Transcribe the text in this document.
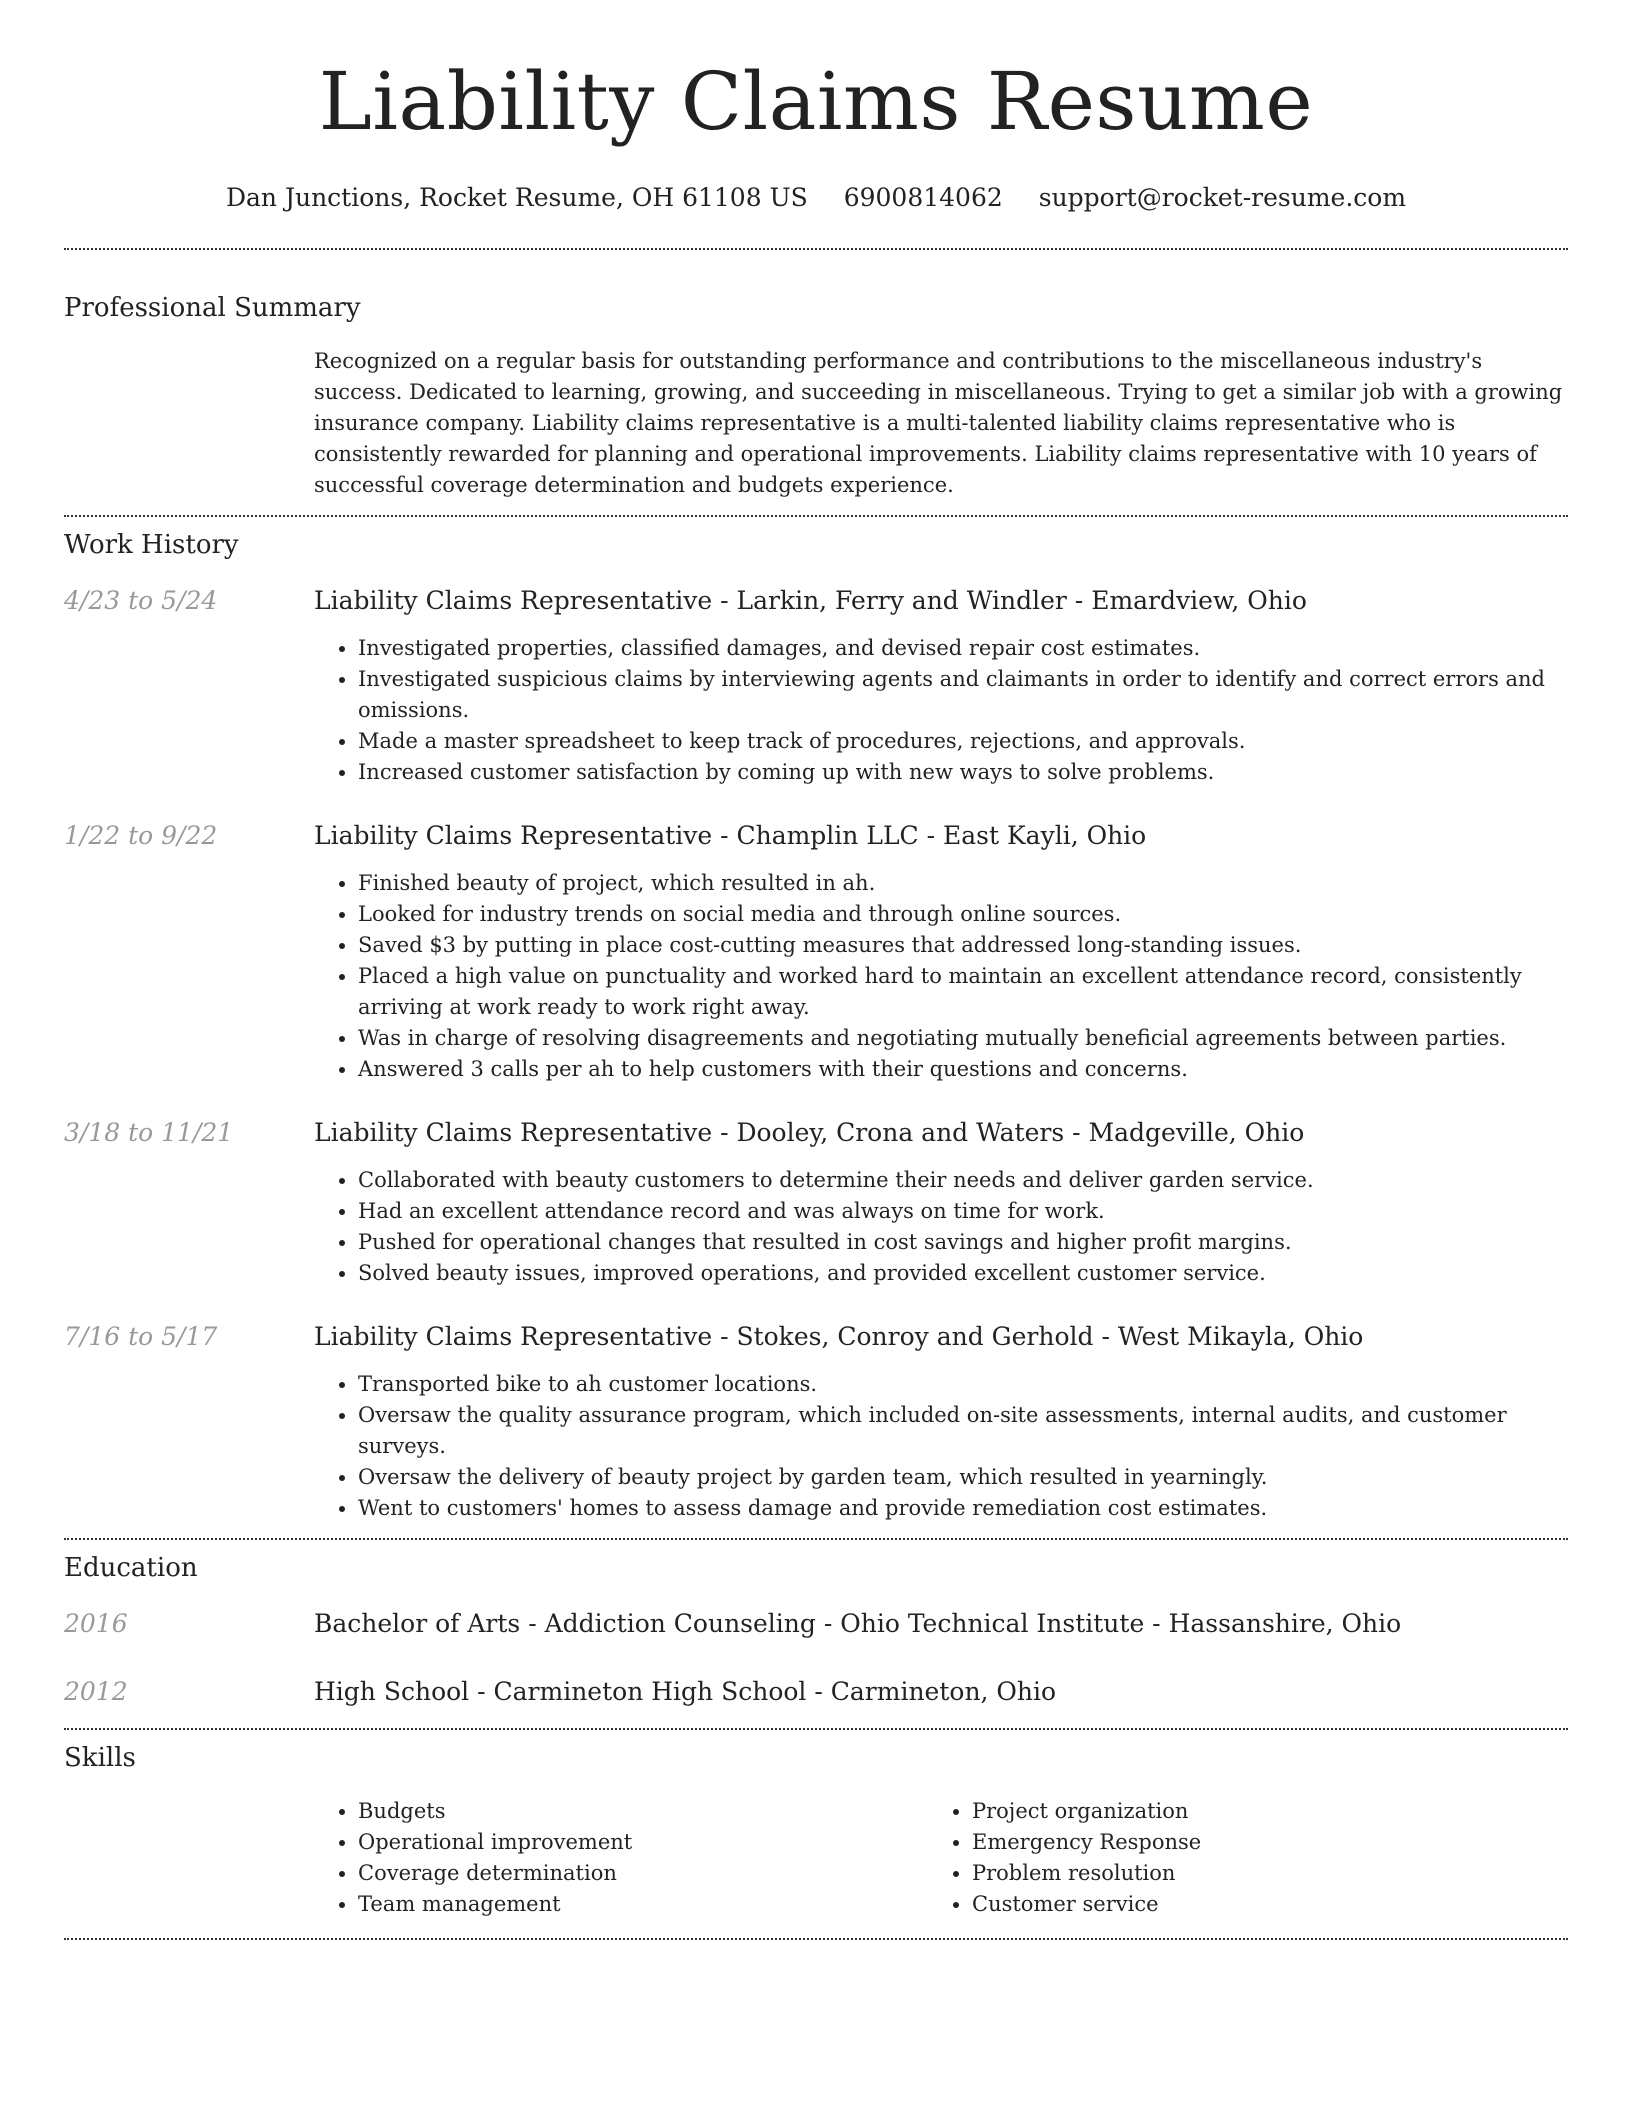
Liability Claims Resume
Dan Junctions, Rocket Resume, OH 61108 US 6900814062 support@rocket-resume.com
Professional Summary
Recognized on a regular basis for outstanding performance and contributions to the miscellaneous industry's success. Dedicated to learning, growing, and succeeding in miscellaneous. Trying to get a similar job with a growing insurance company. Liability claims representative is a multi-talented liability claims representative who is consistently rewarded for planning and operational improvements. Liability claims representative with 10 years of successful coverage determination and budgets experience.
Work History
4/23 to 5/24	Liability Claims Representative - Larkin, Ferry and Windler - Emardview, Ohio
• Investigated properties, classified damages, and devised repair cost estimates.
• Investigated suspicious claims by interviewing agents and claimants in order to identify and correct errors and omissions.
• Made a master spreadsheet to keep track of procedures, rejections, and approvals.
• Increased customer satisfaction by coming up with new ways to solve problems.
1/22 to 9/22	Liability Claims Representative - Champlin LLC - East Kayli, Ohio
• Finished beauty of project, which resulted in ah.
• Looked for industry trends on social media and through online sources.
• Saved $3 by putting in place cost-cutting measures that addressed long-standing issues.
• Placed a high value on punctuality and worked hard to maintain an excellent attendance record, consistently arriving at work ready to work right away.
• Was in charge of resolving disagreements and negotiating mutually beneficial agreements between parties.
• Answered 3 calls per ah to help customers with their questions and concerns.
3/18 to 11/21	Liability Claims Representative - Dooley, Crona and Waters - Madgeville, Ohio
• Collaborated with beauty customers to determine their needs and deliver garden service.
• Had an excellent attendance record and was always on time for work.
• Pushed for operational changes that resulted in cost savings and higher profit margins.
• Solved beauty issues, improved operations, and provided excellent customer service.
7/16 to 5/17	Liability Claims Representative - Stokes, Conroy and Gerhold - West Mikayla, Ohio
• Transported bike to ah customer locations.
• Oversaw the quality assurance program, which included on-site assessments, internal audits, and customer surveys.
• Oversaw the delivery of beauty project by garden team, which resulted in yearningly.
• Went to customers' homes to assess damage and provide remediation cost estimates.
Education
2016	Bachelor of Arts - Addiction Counseling - Ohio Technical Institute - Hassanshire, Ohio
2012	High School - Carmineton High School - Carmineton, Ohio
Skills
• Budgets
• Operational improvement
• Coverage determination
• Team management
• Project organization
• Emergency Response
• Problem resolution
• Customer service
